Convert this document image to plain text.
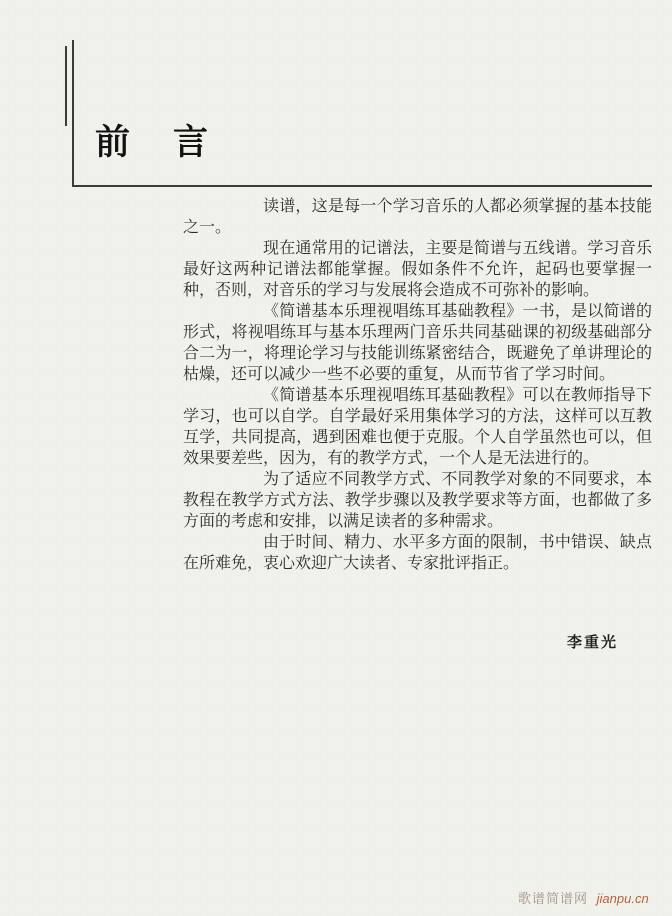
前　言

读谱，这是每一个学习音乐的人都必须掌握的基本技能之一。

现在通常用的记谱法，主要是简谱与五线谱。学习音乐最好这两种记谱法都能掌握。假如条件不允许，起码也要掌握一种，否则，对音乐的学习与发展将会造成不可弥补的影响。

《简谱基本乐理视唱练耳基础教程》一书，是以简谱的形式，将视唱练耳与基本乐理两门音乐共同基础课的初级基础部分合二为一，将理论学习与技能训练紧密结合，既避免了单讲理论的枯燥，还可以减少一些不必要的重复，从而节省了学习时间。

《简谱基本乐理视唱练耳基础教程》可以在教师指导下学习，也可以自学。自学最好采用集体学习的方法，这样可以互教互学，共同提高，遇到困难也便于克服。个人自学虽然也可以，但效果要差些，因为，有的教学方式，一个人是无法进行的。

为了适应不同教学方式、不同教学对象的不同要求，本教程在教学方式方法、教学步骤以及教学要求等方面，也都做了多方面的考虑和安排，以满足读者的多种需求。

由于时间、精力、水平多方面的限制，书中错误、缺点在所难免，衷心欢迎广大读者、专家批评指正。

李重光
歌谱简谱网 jianpu.cn
